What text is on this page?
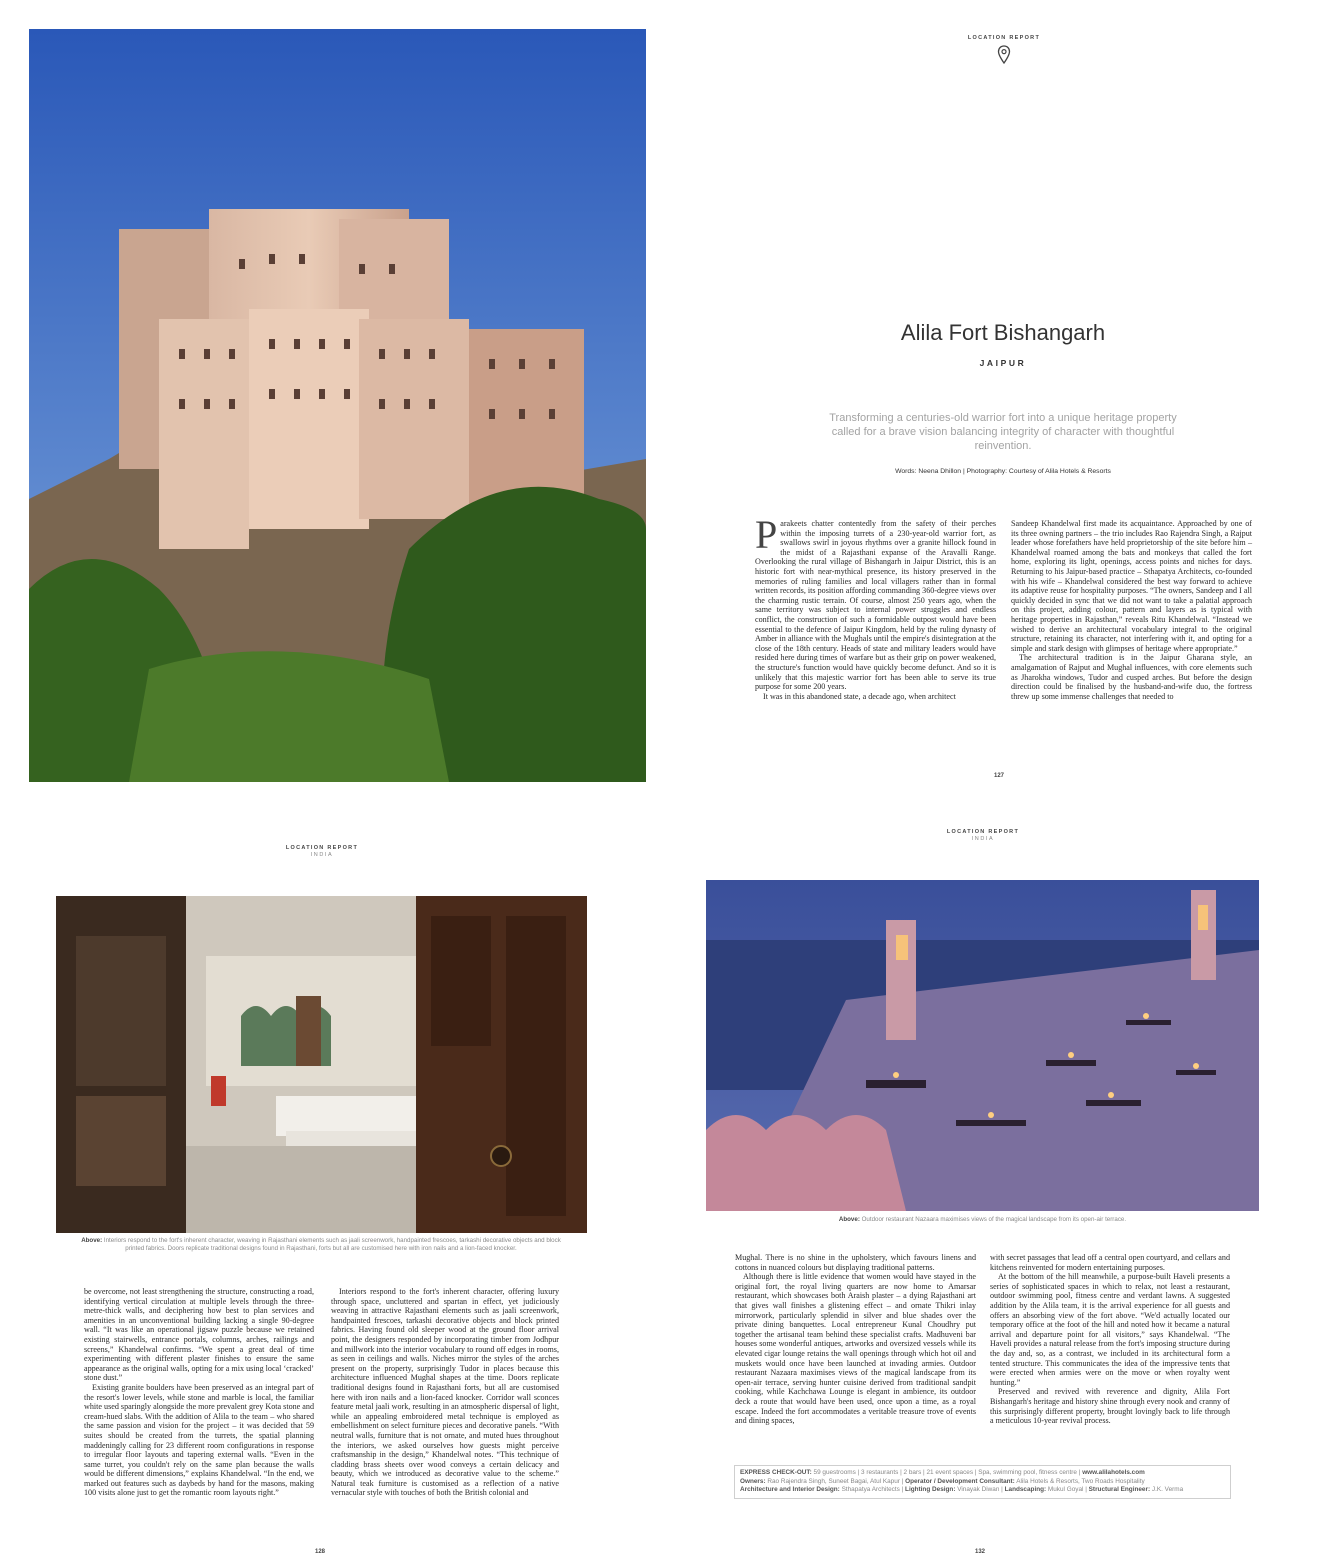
LOCATION REPORT
Alila Fort Bishangarh
JAIPUR
Transforming a centuries-old warrior fort into a unique heritage property called for a brave vision balancing integrity of character with thoughtful reinvention.
Words: Neena Dhillon | Photography: Courtesy of Alila Hotels & Resorts

Parakeets chatter contentedly from the safety of their perches within the imposing turrets of a 230-year-old warrior fort, as swallows swirl in joyous rhythms over a granite hillock found in the midst of a Rajasthani expanse of the Aravalli Range. Overlooking the rural village of Bishangarh in Jaipur District, this is an historic fort with near-mythical presence, its history preserved in the memories of ruling families and local villagers rather than in formal written records, its position affording commanding 360-degree views over the charming rustic terrain. Of course, almost 250 years ago, when the same territory was subject to internal power struggles and endless conflict, the construction of such a formidable outpost would have been essential to the defence of Jaipur Kingdom, held by the ruling dynasty of Amber in alliance with the Mughals until the empire's disintegration at the close of the 18th century. Heads of state and military leaders would have resided here during times of warfare but as their grip on power weakened, the structure's function would have quickly become defunct. And so it is unlikely that this majestic warrior fort has been able to serve its true purpose for some 200 years.

It was in this abandoned state, a decade ago, when architect

Sandeep Khandelwal first made its acquaintance. Approached by one of its three owning partners – the trio includes Rao Rajendra Singh, a Rajput leader whose forefathers have held proprietorship of the site before him – Khandelwal roamed among the bats and monkeys that called the fort home, exploring its light, openings, access points and niches for days. Returning to his Jaipur-based practice – Sthapatya Architects, co-founded with his wife – Khandelwal considered the best way forward to achieve its adaptive reuse for hospitality purposes. “The owners, Sandeep and I all quickly decided in sync that we did not want to take a palatial approach on this project, adding colour, pattern and layers as is typical with heritage properties in Rajasthan,” reveals Ritu Khandelwal. “Instead we wished to derive an architectural vocabulary integral to the original structure, retaining its character, not interfering with it, and opting for a simple and stark design with glimpses of heritage where appropriate.”

The architectural tradition is in the Jaipur Gharana style, an amalgamation of Rajput and Mughal influences, with core elements such as Jharokha windows, Tudor and cusped arches. But before the design direction could be finalised by the husband-and-wife duo, the fortress threw up some immense challenges that needed to

127
LOCATION REPORT
INDIA
Above: Interiors respond to the fort's inherent character, weaving in Rajasthani elements such as jaali screenwork, handpainted frescoes, tarkashi decorative objects and block printed fabrics. Doors replicate traditional designs found in Rajasthani, forts but all are customised here with iron nails and a lion-faced knocker.

be overcome, not least strengthening the structure, constructing a road, identifying vertical circulation at multiple levels through the three-metre-thick walls, and deciphering how best to plan services and amenities in an unconventional building lacking a single 90-degree wall. “It was like an operational jigsaw puzzle because we retained existing stairwells, entrance portals, columns, arches, railings and screens,” Khandelwal confirms. “We spent a great deal of time experimenting with different plaster finishes to ensure the same appearance as the original walls, opting for a mix using local ‘cracked’ stone dust.”

Existing granite boulders have been preserved as an integral part of the resort's lower levels, while stone and marble is local, the familiar white used sparingly alongside the more prevalent grey Kota stone and cream-hued slabs. With the addition of Alila to the team – who shared the same passion and vision for the project – it was decided that 59 suites should be created from the turrets, the spatial planning maddeningly calling for 23 different room configurations in response to irregular floor layouts and tapering external walls. “Even in the same turret, you couldn't rely on the same plan because the walls would be different dimensions,” explains Khandelwal. “In the end, we marked out features such as daybeds by hand for the masons, making 100 visits alone just to get the romantic room layouts right.”

Interiors respond to the fort's inherent character, offering luxury through space, uncluttered and spartan in effect, yet judiciously weaving in attractive Rajasthani elements such as jaali screenwork, handpainted frescoes, tarkashi decorative objects and block printed fabrics. Having found old sleeper wood at the ground floor arrival point, the designers responded by incorporating timber from Jodhpur and millwork into the interior vocabulary to round off edges in rooms, as seen in ceilings and walls. Niches mirror the styles of the arches present on the property, surprisingly Tudor in places because this architecture influenced Mughal shapes at the time. Doors replicate traditional designs found in Rajasthani forts, but all are customised here with iron nails and a lion-faced knocker. Corridor wall sconces feature metal jaali work, resulting in an atmospheric dispersal of light, while an appealing embroidered metal technique is employed as embellishment on select furniture pieces and decorative panels. “With neutral walls, furniture that is not ornate, and muted hues throughout the interiors, we asked ourselves how guests might perceive craftsmanship in the design,” Khandelwal notes. “This technique of cladding brass sheets over wood conveys a certain delicacy and beauty, which we introduced as decorative value to the scheme.” Natural teak furniture is customised as a reflection of a native vernacular style with touches of both the British colonial and

128
LOCATION REPORT
INDIA
Above: Outdoor restaurant Nazaara maximises views of the magical landscape from its open-air terrace.

Mughal. There is no shine in the upholstery, which favours linens and cottons in nuanced colours but displaying traditional patterns.

Although there is little evidence that women would have stayed in the original fort, the royal living quarters are now home to Amarsar restaurant, which showcases both Araish plaster – a dying Rajasthani art that gives wall finishes a glistening effect – and ornate Thikri inlay mirrorwork, particularly splendid in silver and blue shades over the private dining banquettes. Local entrepreneur Kunal Choudhry put together the artisanal team behind these specialist crafts. Madhuveni bar houses some wonderful antiques, artworks and oversized vessels while its elevated cigar lounge retains the wall openings through which hot oil and muskets would once have been launched at invading armies. Outdoor restaurant Nazaara maximises views of the magical landscape from its open-air terrace, serving hunter cuisine derived from traditional sandpit cooking, while Kachchawa Lounge is elegant in ambience, its outdoor deck a route that would have been used, once upon a time, as a royal escape. Indeed the fort accommodates a veritable treasure trove of events and dining spaces,

with secret passages that lead off a central open courtyard, and cellars and kitchens reinvented for modern entertaining purposes.

At the bottom of the hill meanwhile, a purpose-built Haveli presents a series of sophisticated spaces in which to relax, not least a restaurant, outdoor swimming pool, fitness centre and verdant lawns. A suggested addition by the Alila team, it is the arrival experience for all guests and offers an absorbing view of the fort above. “We'd actually located our temporary office at the foot of the hill and noted how it became a natural arrival and departure point for all visitors,” says Khandelwal. “The Haveli provides a natural release from the fort's imposing structure during the day and, so, as a contrast, we included in its architectural form a tented structure. This communicates the idea of the impressive tents that were erected when armies were on the move or when royalty went hunting.”

Preserved and revived with reverence and dignity, Alila Fort Bishangarh's heritage and history shine through every nook and cranny of this surprisingly different property, brought lovingly back to life through a meticulous 10-year revival process.

EXPRESS CHECK-OUT: 59 guestrooms | 3 restaurants | 2 bars | 21 event spaces | Spa, swimming pool, fitness centre | www.alilahotels.com
Owners: Rao Rajendra Singh, Suneet Bagai, Atul Kapur | Operator / Development Consultant: Alila Hotels & Resorts, Two Roads Hospitality
Architecture and Interior Design: Sthapatya Architects | Lighting Design: Vinayak Diwan | Landscaping: Mukul Goyal | Structural Engineer: J.K. Verma
132
